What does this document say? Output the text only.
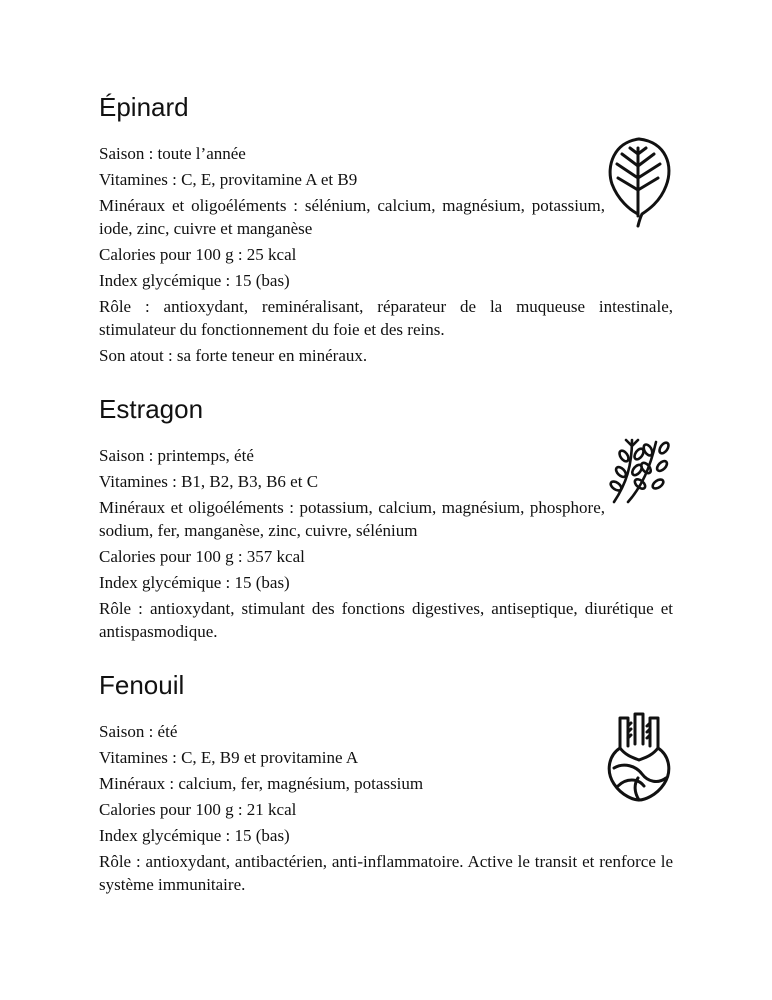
Épinard

Saison : toute l’année

Vitamines : C, E, provitamine A et B9

Minéraux et oligoéléments : sélénium, calcium, magnésium, potassium, iode, zinc, cuivre et manganèse

Calories pour 100 g : 25 kcal

Index glycémique : 15 (bas)

Rôle : antioxydant, reminéralisant, réparateur de la muqueuse intestinale, stimulateur du fonctionnement du foie et des reins.

Son atout : sa forte teneur en minéraux.

Estragon

Saison : printemps, été

Vitamines : B1, B2, B3, B6 et C

Minéraux et oligoéléments : potassium, calcium, magnésium, phosphore, sodium, fer, manganèse, zinc, cuivre, sélénium

Calories pour 100 g : 357 kcal

Index glycémique : 15 (bas)

Rôle : antioxydant, stimulant des fonctions digestives, antiseptique, diurétique et antispasmodique.

Fenouil

Saison : été

Vitamines : C, E, B9 et provitamine A

Minéraux : calcium, fer, magnésium, potassium

Calories pour 100 g : 21 kcal

Index glycémique : 15 (bas)

Rôle : antioxydant, antibactérien, anti-inflammatoire. Active le transit et renforce le système immunitaire.
